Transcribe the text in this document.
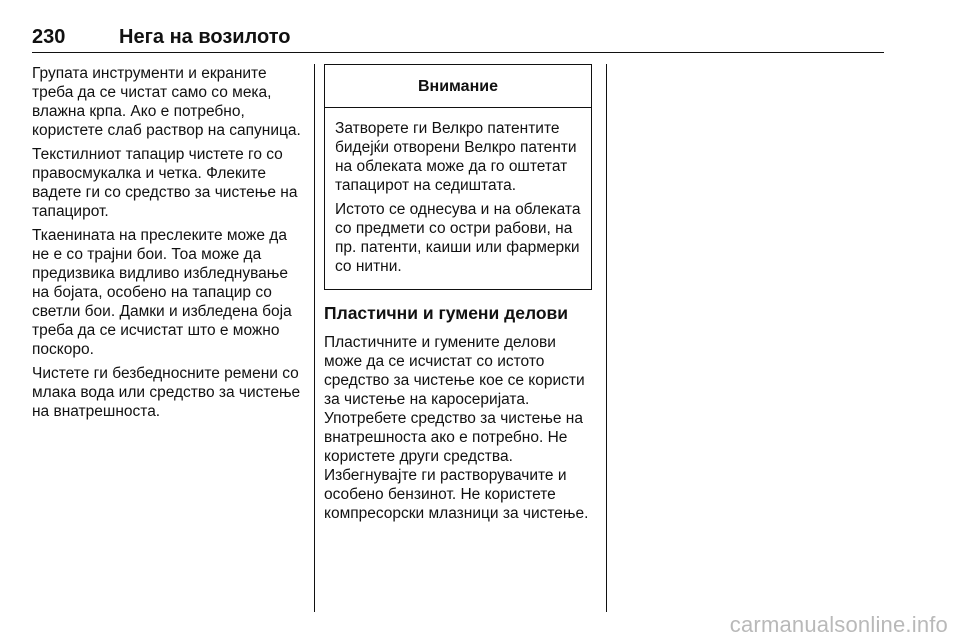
230	Нега на возилото

Групата инструменти и екраните треба да се чистат само со мека, влажна крпа. Ако е потребно, користете слаб раствор на сапуница.

Текстилниот тапацир чистете го со правосмукалка и четка. Флеките вадете ги со средство за чистење на тапацирот.

Ткаенината на преслеките може да не е со трајни бои. Тоа може да предизвика видливо избледнување на бојата, особено на тапацир со светли бои. Дамки и избледена боја треба да се исчистат што е можно поскоро.

Чистете ги безбедносните ремени со млака вода или средство за чистење на внатрешноста.

Внимание

Затворете ги Велкро патентите бидејќи отворени Велкро патенти на облеката може да го оштетат тапацирот на седиштата.

Истото се однесува и на облеката со предмети со остри рабови, на пр. патенти, каиши или фармерки со нитни.

Пластични и гумени делови

Пластичните и гумените делови може да се исчистат со истото средство за чистење кое се користи за чистење на каросеријата. Употребете средство за чистење на внатрешноста ако е потребно. Не користете други средства. Избегнувајте ги растворувачите и особено бензинот. Не користете компресорски млазници за чистење.

carmanualsonline.info
